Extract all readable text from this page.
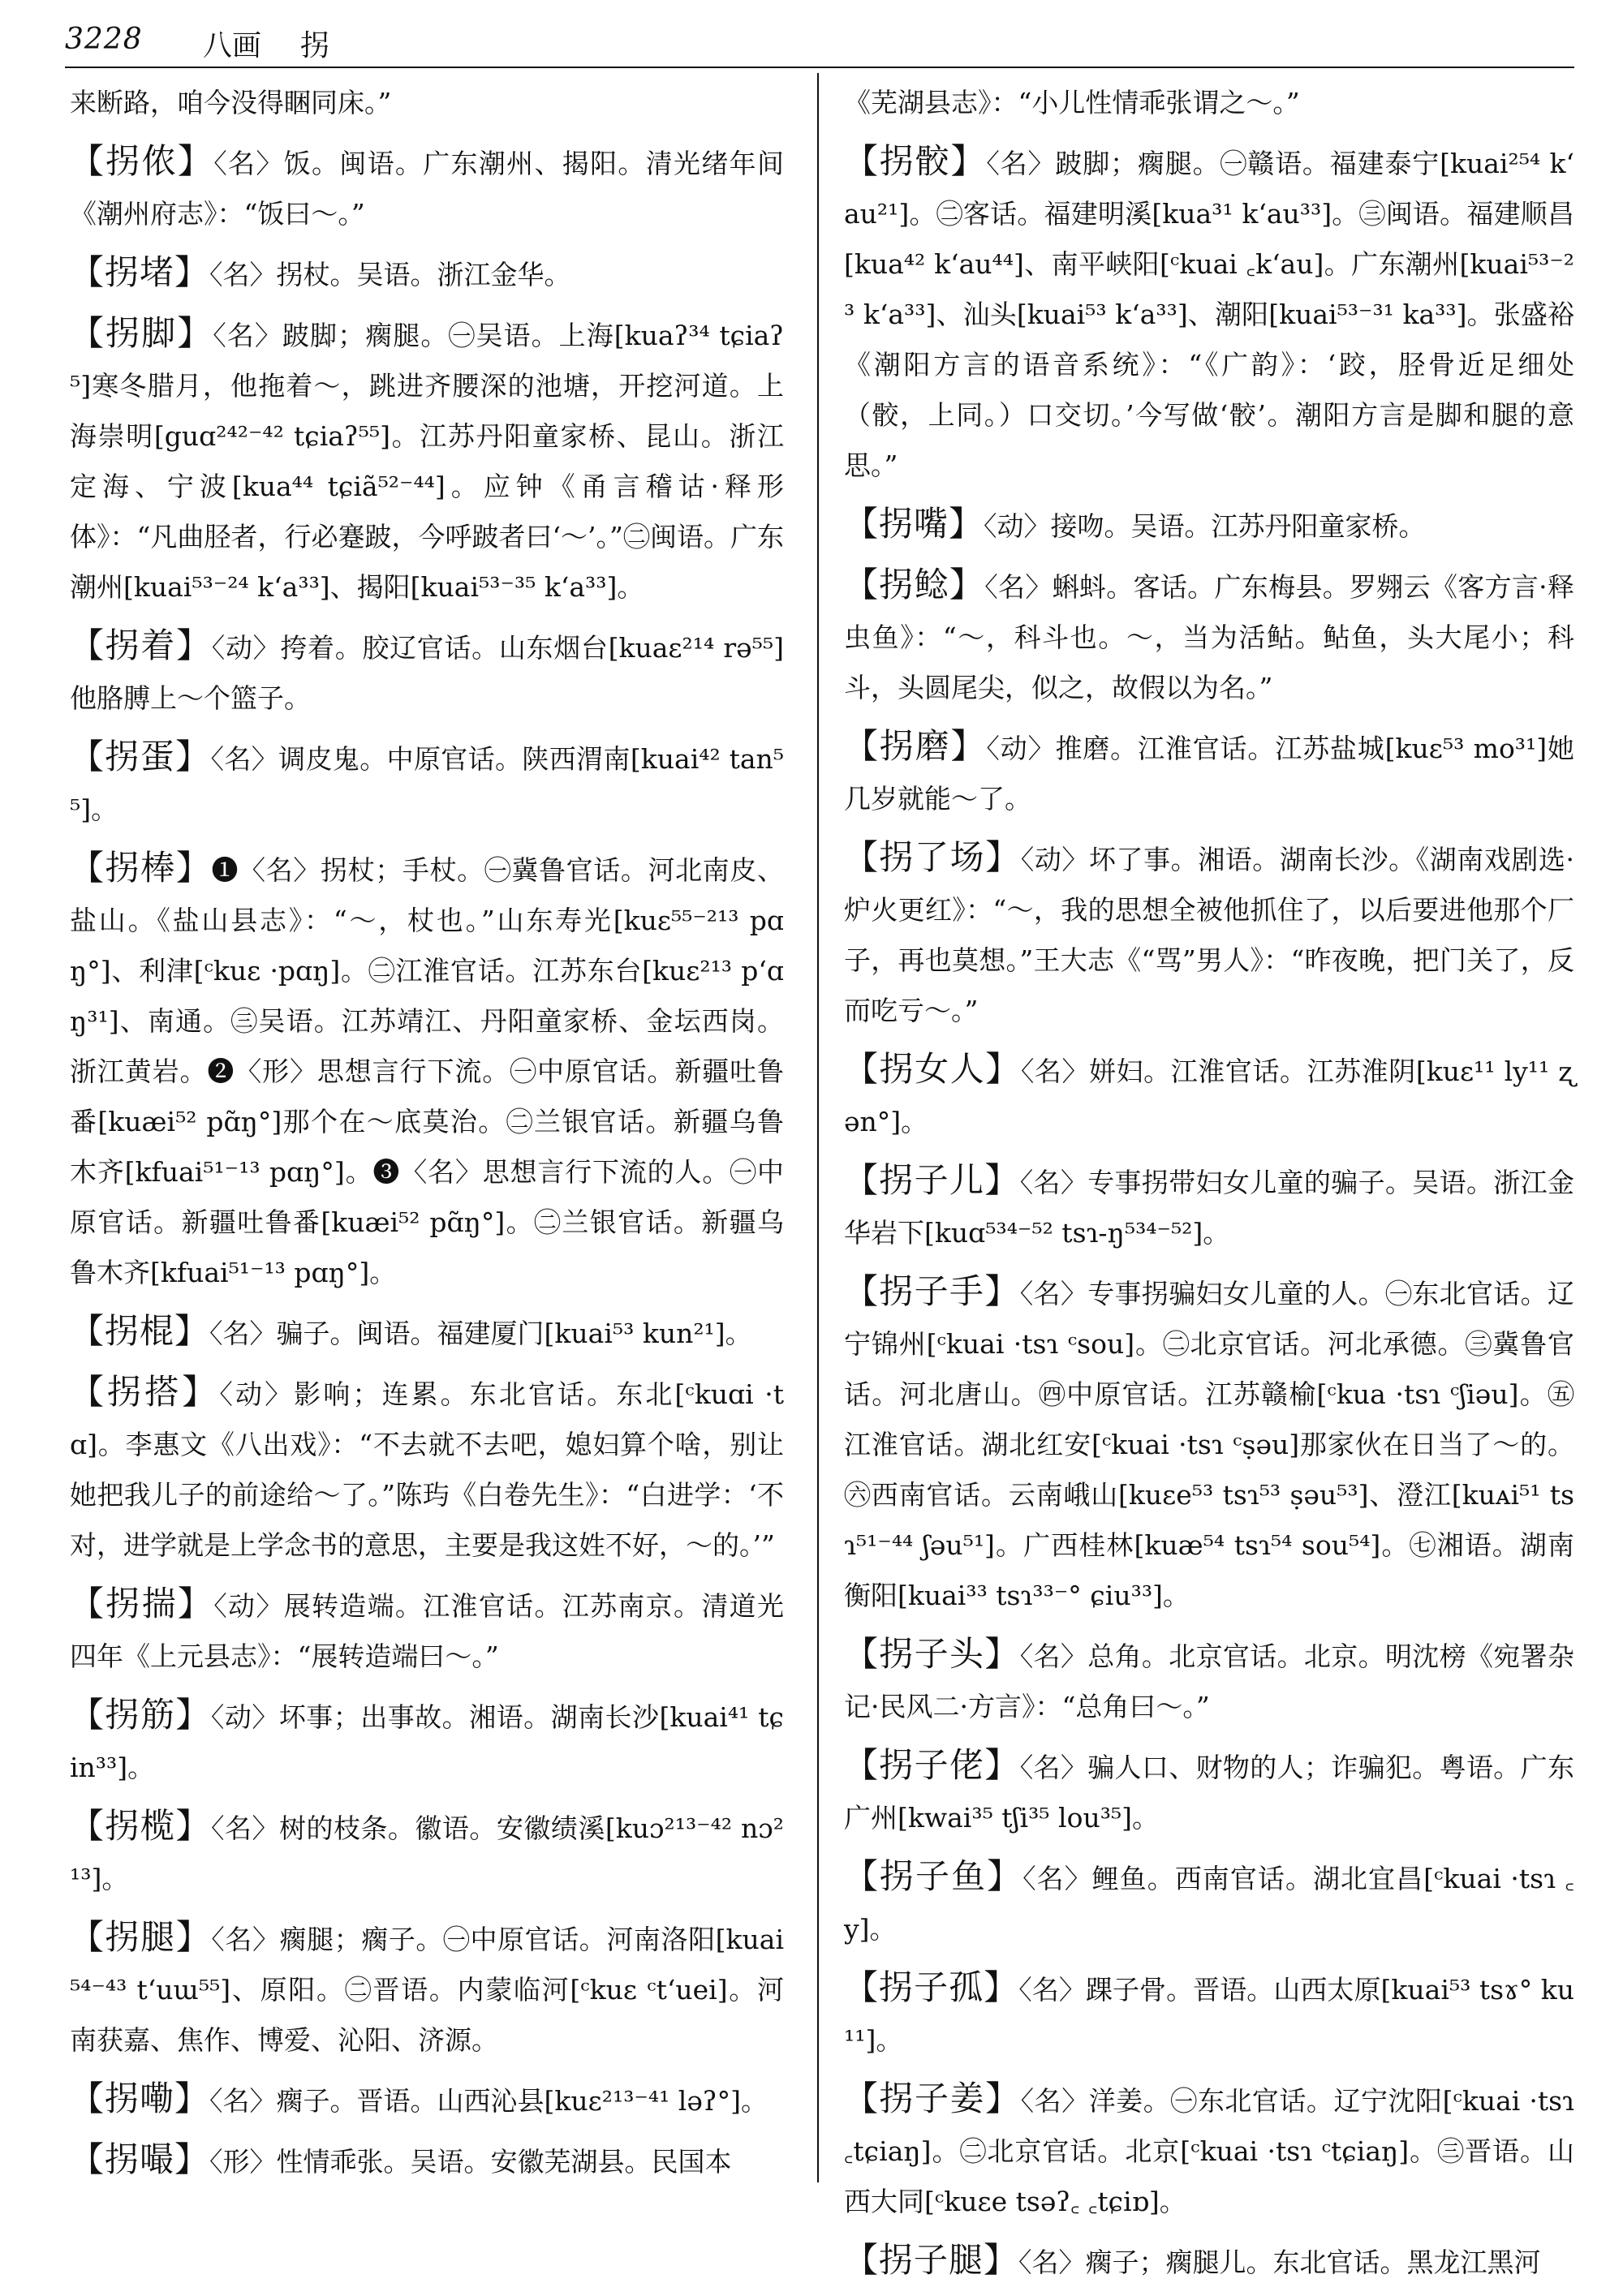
3228 八画 拐

来断路，咱今没得睏同床。”

【拐侬】〈名〉饭。闽语。广东潮州、揭阳。清光绪年间《潮州府志》：“饭曰～。”

【拐堵】〈名〉拐杖。吴语。浙江金华。

【拐脚】〈名〉跛脚；瘸腿。㊀吴语。上海[kuaʔ³⁴ tɕiaʔ⁵]寒冬腊月，他拖着～，跳进齐腰深的池塘，开挖河道。上海崇明[guɑ²⁴²⁻⁴² tɕiaʔ⁵⁵]。江苏丹阳童家桥、昆山。浙江定海、宁波[kua⁴⁴ tɕiã⁵²⁻⁴⁴]。应钟《甬言稽诂·释形体》：“凡曲胫者，行必蹇跛，今呼跛者曰‘～’。”㊁闽语。广东潮州[kuai⁵³⁻²⁴ kʻa³³]、揭阳[kuai⁵³⁻³⁵ kʻa³³]。

【拐着】〈动〉挎着。胶辽官话。山东烟台[kuaɛ²¹⁴ rə⁵⁵]他胳膊上～个篮子。

【拐蛋】〈名〉调皮鬼。中原官话。陕西渭南[kuai⁴² tan⁵⁵]。

【拐棒】❶〈名〉拐杖；手杖。㊀冀鲁官话。河北南皮、盐山。《盐山县志》：“～，杖也。”山东寿光[kuɛ⁵⁵⁻²¹³ pɑŋ°]、利津[ᶜkuɛ ·pɑŋ]。㊁江淮官话。江苏东台[kuɛ²¹³ pʻɑŋ³¹]、南通。㊂吴语。江苏靖江、丹阳童家桥、金坛西岗。浙江黄岩。❷〈形〉思想言行下流。㊀中原官话。新疆吐鲁番[kuæi⁵² pɑ̃ŋ°]那个在～底莫治。㊁兰银官话。新疆乌鲁木齐[kfuai⁵¹⁻¹³ pɑŋ°]。❸〈名〉思想言行下流的人。㊀中原官话。新疆吐鲁番[kuæi⁵² pɑ̃ŋ°]。㊁兰银官话。新疆乌鲁木齐[kfuai⁵¹⁻¹³ pɑŋ°]。

【拐棍】〈名〉骗子。闽语。福建厦门[kuai⁵³ kun²¹]。

【拐搭】〈动〉影响；连累。东北官话。东北[ᶜkuɑi ·tɑ]。李惠文《八出戏》：“不去就不去吧，媳妇算个啥，别让她把我儿子的前途给～了。”陈玙《白卷先生》：“白进学：‘不对，进学就是上学念书的意思，主要是我这姓不好，～的。’”

【拐揣】〈动〉展转造端。江淮官话。江苏南京。清道光四年《上元县志》：“展转造端曰～。”

【拐筋】〈动〉坏事；出事故。湘语。湖南长沙[kuai⁴¹ tɕin³³]。

【拐榄】〈名〉树的枝条。徽语。安徽绩溪[kuɔ²¹³⁻⁴² nɔ²¹³]。

【拐腿】〈名〉瘸腿；瘸子。㊀中原官话。河南洛阳[kuai⁵⁴⁻⁴³ tʻuɯ⁵⁵]、原阳。㊁晋语。内蒙临河[ᶜkuɛ ᶜtʻuei]。河南获嘉、焦作、博爱、沁阳、济源。

【拐嘞】〈名〉瘸子。晋语。山西沁县[kuɛ²¹³⁻⁴¹ ləʔ°]。

【拐嘬】〈形〉性情乖张。吴语。安徽芜湖县。民国本

《芜湖县志》：“小儿性情乖张谓之～。”

【拐骹】〈名〉跛脚；瘸腿。㊀赣语。福建泰宁[kuai²⁵⁴ kʻau²¹]。㊁客话。福建明溪[kua³¹ kʻau³³]。㊂闽语。福建顺昌[kua⁴² kʻau⁴⁴]、南平峡阳[ᶜkuai ꜀kʻau]。广东潮州[kuai⁵³⁻²³ kʻa³³]、汕头[kuai⁵³ kʻa³³]、潮阳[kuai⁵³⁻³¹ ka³³]。张盛裕《潮阳方言的语音系统》：“《广韵》：‘跤，胫骨近足细处（骹，上同。）口交切。’今写做‘骹’。潮阳方言是脚和腿的意思。”

【拐嘴】〈动〉接吻。吴语。江苏丹阳童家桥。

【拐鲶】〈名〉蝌蚪。客话。广东梅县。罗翙云《客方言·释虫鱼》：“～，科斗也。～，当为活鲇。鲇鱼，头大尾小；科斗，头圆尾尖，似之，故假以为名。”

【拐磨】〈动〉推磨。江淮官话。江苏盐城[kuɛ⁵³ mo³¹]她几岁就能～了。

【拐了场】〈动〉坏了事。湘语。湖南长沙。《湖南戏剧选·炉火更红》：“～，我的思想全被他抓住了，以后要进他那个厂子，再也莫想。”王大志《“骂”男人》：“昨夜晚，把门关了，反而吃亏～。”

【拐女人】〈名〉姘妇。江淮官话。江苏淮阴[kuɛ¹¹ ly¹¹ ʐən°]。

【拐子儿】〈名〉专事拐带妇女儿童的骗子。吴语。浙江金华岩下[kuɑ⁵³⁴⁻⁵² tsɿ-ŋ⁵³⁴⁻⁵²]。

【拐子手】〈名〉专事拐骗妇女儿童的人。㊀东北官话。辽宁锦州[ᶜkuai ·tsɿ ᶜsou]。㊁北京官话。河北承德。㊂冀鲁官话。河北唐山。㊃中原官话。江苏赣榆[ᶜkua ·tsɿ ᶜʃiəu]。㊄江淮官话。湖北红安[ᶜkuai ·tsɿ ᶜṣəu]那家伙在日当了～的。㊅西南官话。云南峨山[kuɛe⁵³ tsɿ⁵³ ṣəu⁵³]、澄江[kuᴀi⁵¹ tsɿ⁵¹⁻⁴⁴ ʃəu⁵¹]。广西桂林[kuæ⁵⁴ tsɿ⁵⁴ sou⁵⁴]。㊆湘语。湖南衡阳[kuai³³ tsɿ³³⁻° ɕiu³³]。

【拐子头】〈名〉总角。北京官话。北京。明沈榜《宛署杂记·民风二·方言》：“总角曰～。”

【拐子佬】〈名〉骗人口、财物的人；诈骗犯。粤语。广东广州[kwai³⁵ tʃi³⁵ lou³⁵]。

【拐子鱼】〈名〉鲤鱼。西南官话。湖北宜昌[ᶜkuai ·tsɿ ꜀y]。

【拐子孤】〈名〉踝子骨。晋语。山西太原[kuai⁵³ tsɤ° ku¹¹]。

【拐子姜】〈名〉洋姜。㊀东北官话。辽宁沈阳[ᶜkuai ·tsɿ ꜀tɕiaŋ]。㊁北京官话。北京[ᶜkuai ·tsɿ ᶜtɕiaŋ]。㊂晋语。山西大同[ᶜkuɛe tsəʔ꜀ ꜀tɕiɒ]。

【拐子腿】〈名〉瘸子；瘸腿儿。东北官话。黑龙江黑河
